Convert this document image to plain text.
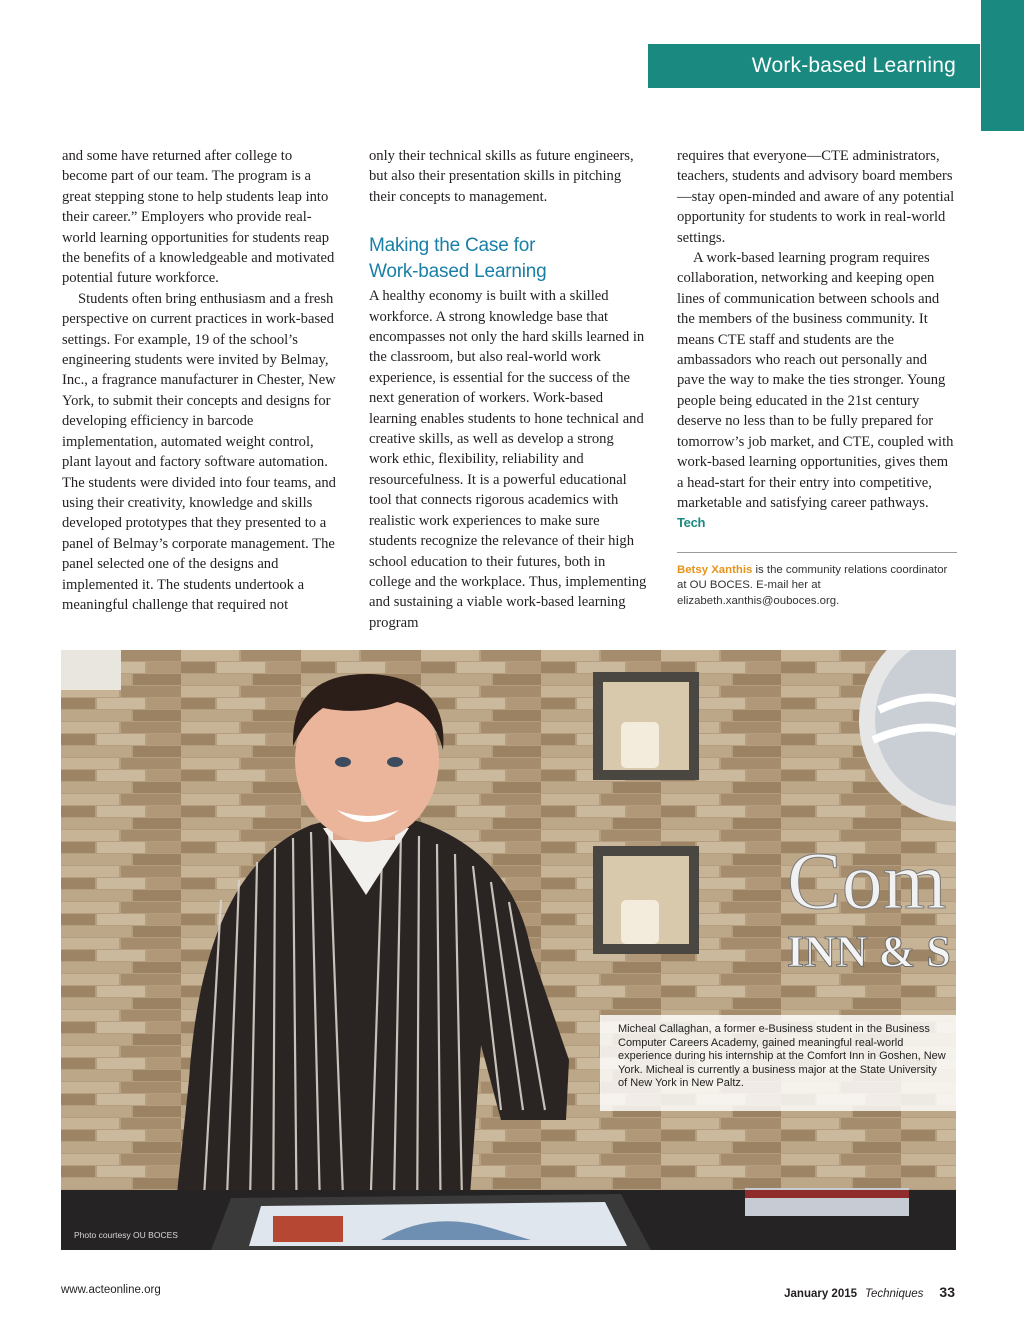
Work-based Learning

and some have returned after college to become part of our team. The program is a great stepping stone to help students leap into their career.” Employers who provide real-world learning opportunities for students reap the benefits of a knowledgeable and motivated potential future workforce.

Students often bring enthusiasm and a fresh perspective on current practices in work-based settings. For example, 19 of the school’s engineering students were invited by Belmay, Inc., a fragrance manufacturer in Chester, New York, to submit their concepts and designs for developing efficiency in barcode implementation, automated weight control, plant layout and factory software automation. The students were divided into four teams, and using their creativity, knowledge and skills developed prototypes that they presented to a panel of Belmay’s corporate management. The panel selected one of the designs and implemented it. The students undertook a meaningful challenge that required not

only their technical skills as future engineers, but also their presentation skills in pitching their concepts to management.

Making the Case for
Work-based Learning

A healthy economy is built with a skilled workforce. A strong knowledge base that encompasses not only the hard skills learned in the classroom, but also real-world work experience, is essential for the success of the next generation of workers. Work-based learning enables students to hone technical and creative skills, as well as develop a strong work ethic, flexibility, reliability and resourcefulness. It is a powerful educational tool that connects rigorous academics with realistic work experiences to make sure students recognize the relevance of their high school education to their futures, both in college and the workplace. Thus, implementing and sustaining a viable work-based learning program

requires that everyone—CTE administrators, teachers, students and advisory board members—stay open-minded and aware of any potential opportunity for students to work in real-world settings.

A work-based learning program requires collaboration, networking and keeping open lines of communication between schools and the members of the business community. It means CTE staff and students are the ambassadors who reach out personally and pave the way to make the ties stronger. Young people being educated in the 21st century deserve no less than to be fully prepared for tomorrow’s job market, and CTE, coupled with work-based learning opportunities, gives them a head-start for their entry into competitive, marketable and satisfying career pathways. Tech

Betsy Xanthis is the community relations coordinator at OU BOCES. E-mail her at elizabeth.xanthis@ouboces.org.
Com
INN & S
Micheal Callaghan, a former e-Business student in the Business Computer Careers Academy, gained meaningful real-world experience during his internship at the Comfort Inn in Goshen, New York. Micheal is currently a business major at the State University of New York in New Paltz.
Photo courtesy OU BOCES
www.acteonline.org	January 2015 Techniques 33
